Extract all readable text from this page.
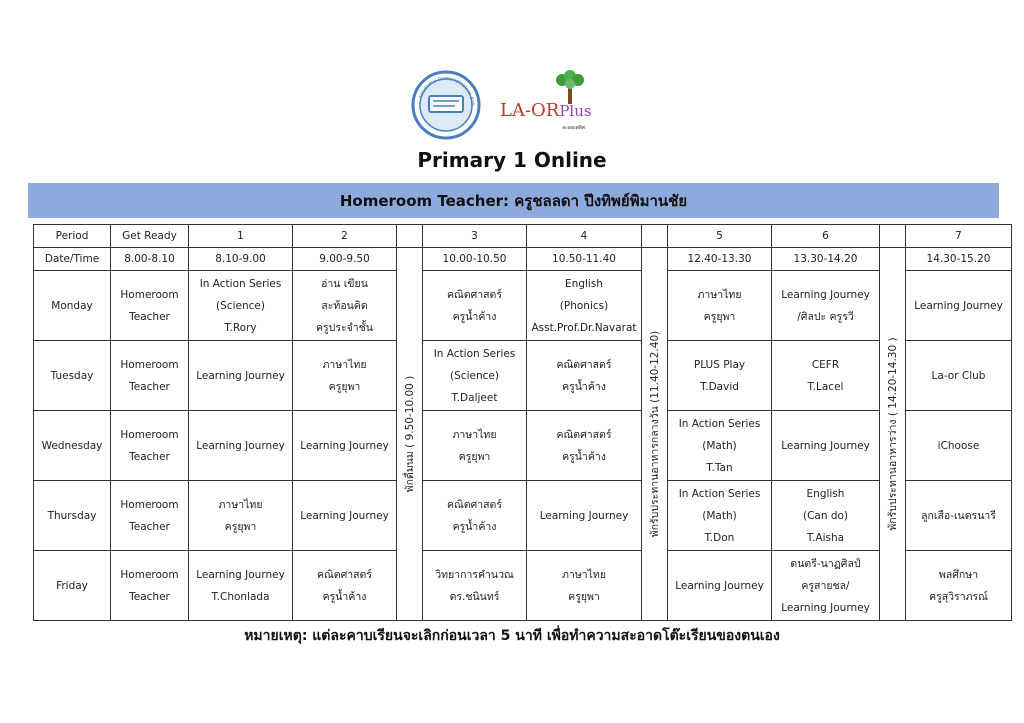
Academy Demonstration Sch LA-ORPlus
ละออเพลิศ
Primary 1 Online
Homeroom Teacher: ครูชลลดา ปึงทิพย์พิมานชัย
Period	Get Ready	1	2		3	4		5	6		7
Date/Time	8.00-8.10	8.10-9.00	9.00-9.50	พักดื่มนม ( 9.50-10.00 )	10.00-10.50	10.50-11.40	พักรับประทานอาหารกลางวัน (11.40-12.40)	12.40-13.30	13.30-14.20	พักรับประทานอาหารว่าง ( 14.20-14.30 )	14.30-15.20
Monday	Homeroom
Teacher	In Action Series
(Science)
T.Rory	อ่าน เขียน
สะท้อนคิด
ครูประจำชั้น		คณิตศาสตร์
ครูน้ำค้าง	English
(Phonics)
Asst.Prof.Dr.Navarat		ภาษาไทย
ครูยุพา	Learning Journey
/ศิลปะ ครูรวี		Learning Journey

Tuesday	Homeroom
Teacher	Learning Journey	ภาษาไทย
ครูยุพา		In Action Series
(Science)
T.Daljeet	คณิตศาสตร์
ครูน้ำค้าง		PLUS Play
T.David	CEFR
T.Lacel		La-or Club

Wednesday	Homeroom
Teacher	Learning Journey	Learning Journey		ภาษาไทย
ครูยุพา	คณิตศาสตร์
ครูน้ำค้าง		In Action Series
(Math)
T.Tan	Learning Journey		iChoose

Thursday	Homeroom
Teacher	ภาษาไทย
ครูยุพา	Learning Journey		คณิตศาสตร์
ครูน้ำค้าง	Learning Journey		In Action Series
(Math)
T.Don	English
(Can do)
T.Aisha		ลูกเสือ-เนตรนารี

Friday	Homeroom
Teacher	Learning Journey
T.Chonlada	คณิตศาสตร์
ครูน้ำค้าง		วิทยาการคำนวณ
ดร.ชนินทร์	ภาษาไทย
ครูยุพา		Learning Journey	ดนตรี-นาฏศิลป์
ครูสายชล/
Learning Journey		พลศึกษา
ครูสุวิราภรณ์
หมายเหตุ: แต่ละคาบเรียนจะเลิกก่อนเวลา 5 นาที เพื่อทำความสะอาดโต๊ะเรียนของตนเอง
